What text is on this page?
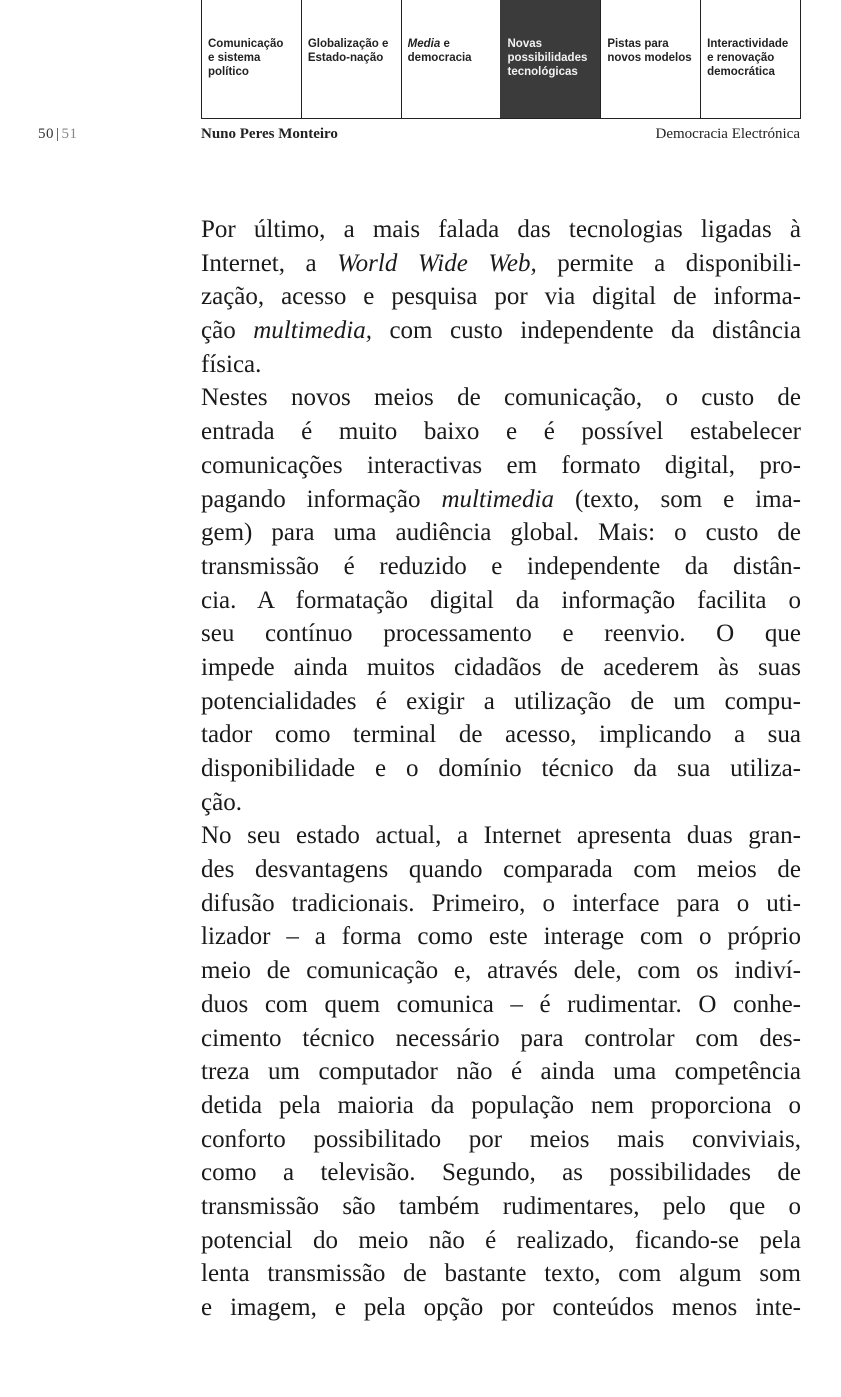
Comunicação
e sistema
político
Globalização e
Estado-nação
Media e
democracia
Novas
possibilidades
tecnológicas
Pistas para
novos modelos
Interactividade
e renovação
democrática
50 | 51	Nuno Peres Monteiro	Democracia Electrónica
Por último, a mais falada das tecnologias ligadas à
Internet, a World Wide Web, permite a disponibili-
zação, acesso e pesquisa por via digital de informa-
ção multimedia, com custo independente da distância
física.
Nestes novos meios de comunicação, o custo de
entrada é muito baixo e é possível estabelecer
comunicações interactivas em formato digital, pro-
pagando informação multimedia (texto, som e ima-
gem) para uma audiência global. Mais: o custo de
transmissão é reduzido e independente da distân-
cia. A formatação digital da informação facilita o
seu contínuo processamento e reenvio. O que
impede ainda muitos cidadãos de acederem às suas
potencialidades é exigir a utilização de um compu-
tador como terminal de acesso, implicando a sua
disponibilidade e o domínio técnico da sua utiliza-
ção.
No seu estado actual, a Internet apresenta duas gran-
des desvantagens quando comparada com meios de
difusão tradicionais. Primeiro, o interface para o uti-
lizador – a forma como este interage com o próprio
meio de comunicação e, através dele, com os indiví-
duos com quem comunica – é rudimentar. O conhe-
cimento técnico necessário para controlar com des-
treza um computador não é ainda uma competência
detida pela maioria da população nem proporciona o
conforto possibilitado por meios mais conviviais,
como a televisão. Segundo, as possibilidades de
transmissão são também rudimentares, pelo que o
potencial do meio não é realizado, ficando-se pela
lenta transmissão de bastante texto, com algum som
e imagem, e pela opção por conteúdos menos inte-
